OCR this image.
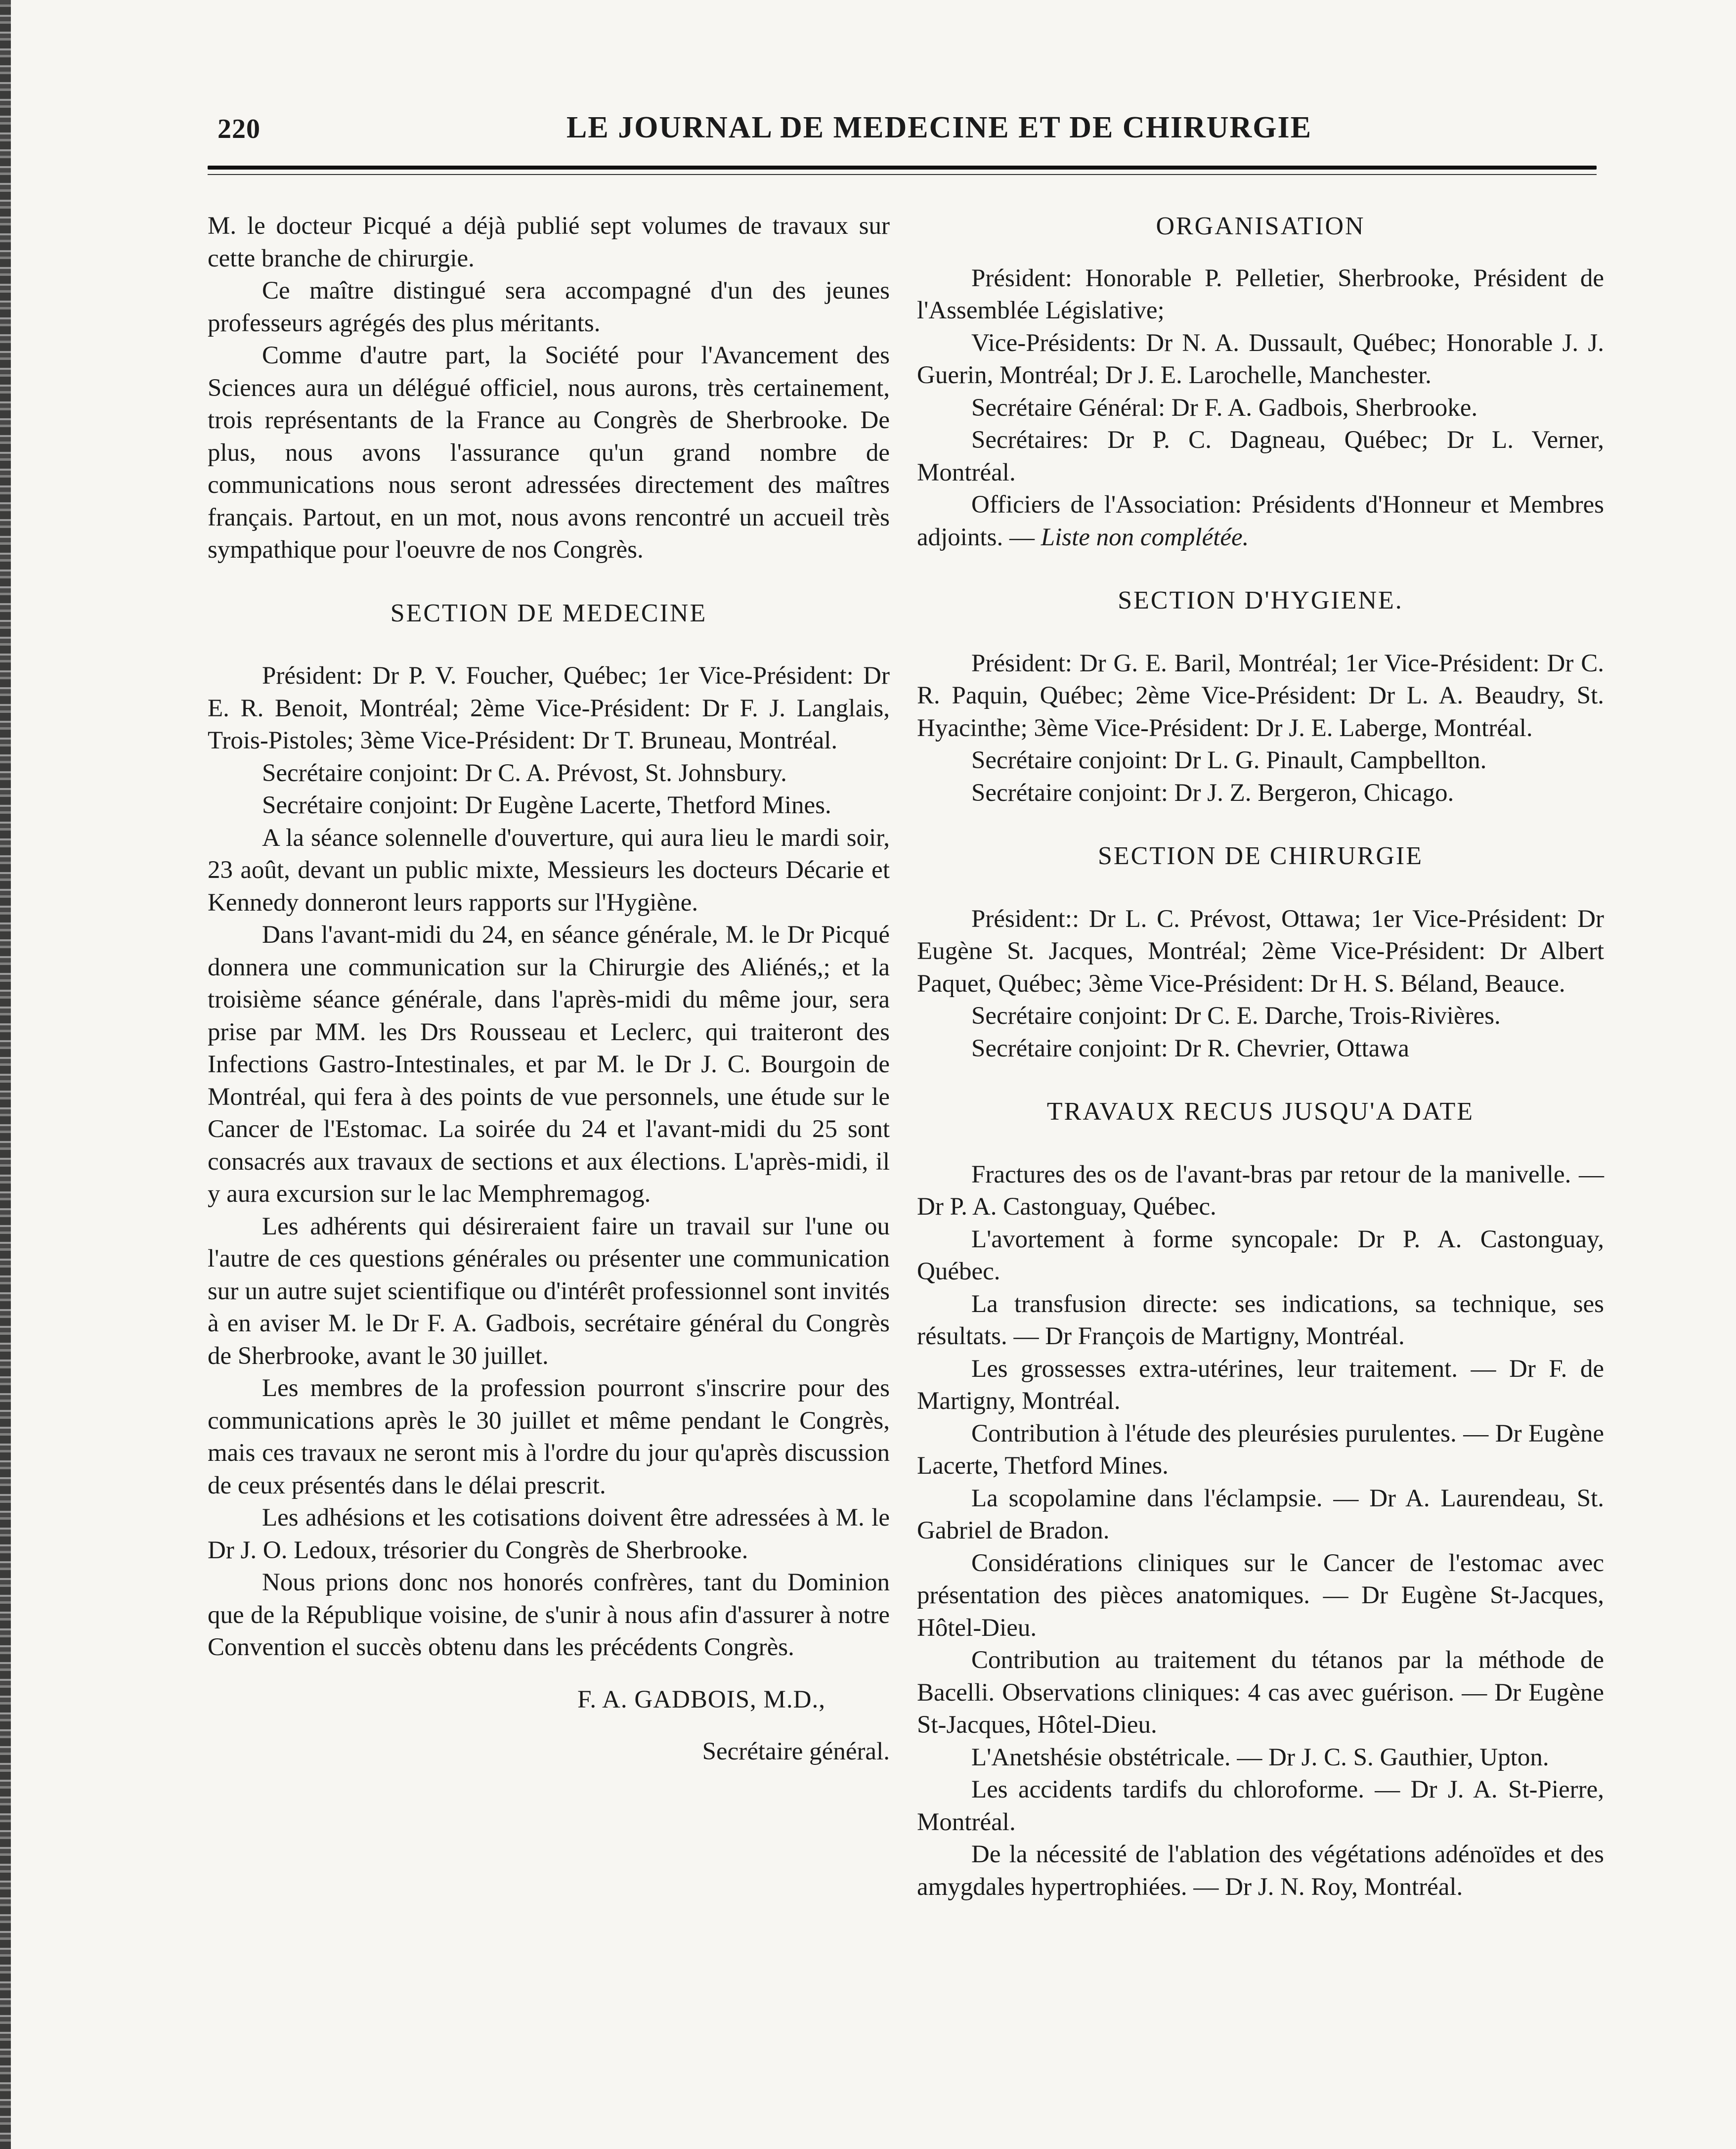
220	LE JOURNAL DE MEDECINE ET DE CHIRURGIE

M. le docteur Picqué a déjà publié sept volumes de travaux sur cette branche de chirurgie.

Ce maître distingué sera accompagné d'un des jeunes professeurs agrégés des plus méritants.

Comme d'autre part, la Société pour l'Avancement des Sciences aura un délégué officiel, nous aurons, très certainement, trois représentants de la France au Congrès de Sherbrooke. De plus, nous avons l'assurance qu'un grand nombre de communications nous seront adressées directement des maîtres français. Partout, en un mot, nous avons rencontré un accueil très sympathique pour l'oeuvre de nos Congrès.

SECTION DE MEDECINE

Président: Dr P. V. Foucher, Québec; 1er Vice-Président: Dr E. R. Benoit, Montréal; 2ème Vice-Président: Dr F. J. Langlais, Trois-Pistoles; 3ème Vice-Président: Dr T. Bruneau, Montréal.

Secrétaire conjoint: Dr C. A. Prévost, St. Johnsbury.

Secrétaire conjoint: Dr Eugène Lacerte, Thetford Mines.

A la séance solennelle d'ouverture, qui aura lieu le mardi soir, 23 août, devant un public mixte, Messieurs les docteurs Décarie et Kennedy donneront leurs rapports sur l'Hygiène.

Dans l'avant-midi du 24, en séance générale, M. le Dr Picqué donnera une communication sur la Chirurgie des Aliénés,; et la troisième séance générale, dans l'après-midi du même jour, sera prise par MM. les Drs Rousseau et Leclerc, qui traiteront des Infections Gastro-Intestinales, et par M. le Dr J. C. Bourgoin de Montréal, qui fera à des points de vue personnels, une étude sur le Cancer de l'Estomac. La soirée du 24 et l'avant-midi du 25 sont consacrés aux travaux de sections et aux élections. L'après-midi, il y aura excursion sur le lac Memphremagog.

Les adhérents qui désireraient faire un travail sur l'une ou l'autre de ces questions générales ou présenter une communication sur un autre sujet scientifique ou d'intérêt professionnel sont invités à en aviser M. le Dr F. A. Gadbois, secrétaire général du Congrès de Sherbrooke, avant le 30 juillet.

Les membres de la profession pourront s'inscrire pour des communications après le 30 juillet et même pendant le Congrès, mais ces travaux ne seront mis à l'ordre du jour qu'après discussion de ceux présentés dans le délai prescrit.

Les adhésions et les cotisations doivent être adressées à M. le Dr J. O. Ledoux, trésorier du Congrès de Sherbrooke.

Nous prions donc nos honorés confrères, tant du Dominion que de la République voisine, de s'unir à nous afin d'assurer à notre Convention el succès obtenu dans les précédents Congrès.

F. A. GADBOIS, M.D.,

Secrétaire général.

ORGANISATION

Président: Honorable P. Pelletier, Sherbrooke, Président de l'Assemblée Législative;

Vice-Présidents: Dr N. A. Dussault, Québec; Honorable J. J. Guerin, Montréal; Dr J. E. Larochelle, Manchester.

Secrétaire Général: Dr F. A. Gadbois, Sherbrooke.

Secrétaires: Dr P. C. Dagneau, Québec; Dr L. Verner, Montréal.

Officiers de l'Association: Présidents d'Honneur et Membres adjoints. — Liste non complétée.

SECTION D'HYGIENE.

Président: Dr G. E. Baril, Montréal; 1er Vice-Président: Dr C. R. Paquin, Québec; 2ème Vice-Président: Dr L. A. Beaudry, St. Hyacinthe; 3ème Vice-Président: Dr J. E. Laberge, Montréal.

Secrétaire conjoint: Dr L. G. Pinault, Campbellton.

Secrétaire conjoint: Dr J. Z. Bergeron, Chicago.

SECTION DE CHIRURGIE

Président:: Dr L. C. Prévost, Ottawa; 1er Vice-Président: Dr Eugène St. Jacques, Montréal; 2ème Vice-Président: Dr Albert Paquet, Québec; 3ème Vice-Président: Dr H. S. Béland, Beauce.

Secrétaire conjoint: Dr C. E. Darche, Trois-Rivières.

Secrétaire conjoint: Dr R. Chevrier, Ottawa

TRAVAUX RECUS JUSQU'A DATE

Fractures des os de l'avant-bras par retour de la manivelle. — Dr P. A. Castonguay, Québec.

L'avortement à forme syncopale: Dr P. A. Castonguay, Québec.

La transfusion directe: ses indications, sa technique, ses résultats. — Dr François de Martigny, Montréal.

Les grossesses extra-utérines, leur traitement. — Dr F. de Martigny, Montréal.

Contribution à l'étude des pleurésies purulentes. — Dr Eugène Lacerte, Thetford Mines.

La scopolamine dans l'éclampsie. — Dr A. Laurendeau, St. Gabriel de Bradon.

Considérations cliniques sur le Cancer de l'estomac avec présentation des pièces anatomiques. — Dr Eugène St-Jacques, Hôtel-Dieu.

Contribution au traitement du tétanos par la méthode de Bacelli. Observations cliniques: 4 cas avec guérison. — Dr Eugène St-Jacques, Hôtel-Dieu.

L'Anetshésie obstétricale. — Dr J. C. S. Gauthier, Upton.

Les accidents tardifs du chloroforme. — Dr J. A. St-Pierre, Montréal.

De la nécessité de l'ablation des végétations adénoïdes et des amygdales hypertrophiées. — Dr J. N. Roy, Montréal.
